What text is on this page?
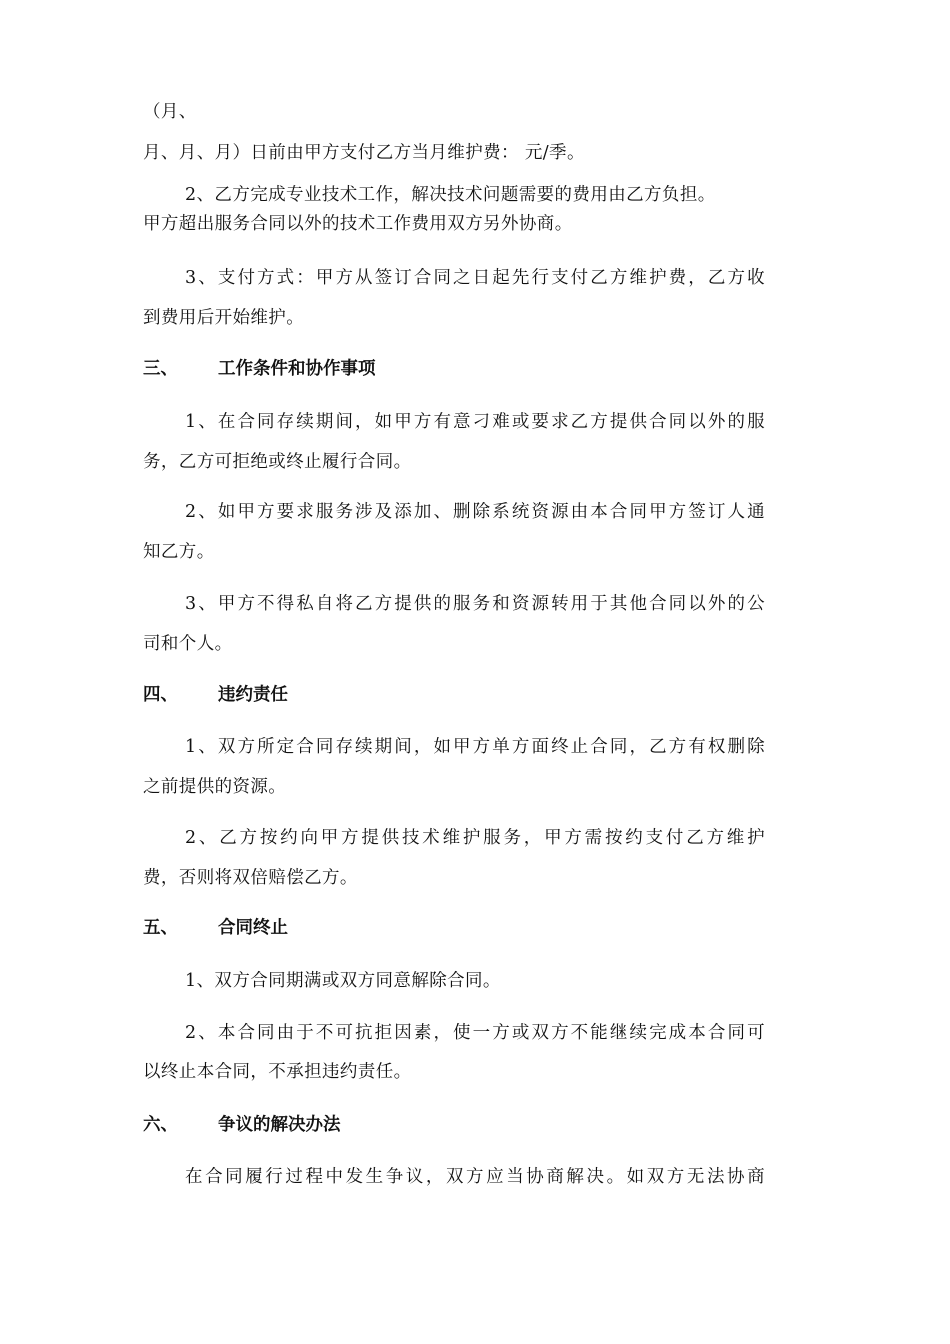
（月、
月、月、月）日前由甲方支付乙方当月维护费： 元/季。
2、乙方完成专业技术工作，解决技术问题需要的费用由乙方负担。
甲方超出服务合同以外的技术工作费用双方另外协商。
3、支付方式：甲方从签订合同之日起先行支付乙方维护费，乙方收
到费用后开始维护。
三、 工作条件和协作事项
1、在合同存续期间，如甲方有意刁难或要求乙方提供合同以外的服
务，乙方可拒绝或终止履行合同。
2、如甲方要求服务涉及添加、删除系统资源由本合同甲方签订人通
知乙方。
3、甲方不得私自将乙方提供的服务和资源转用于其他合同以外的公
司和个人。
四、 违约责任
1、双方所定合同存续期间，如甲方单方面终止合同，乙方有权删除
之前提供的资源。
2、乙方按约向甲方提供技术维护服务，甲方需按约支付乙方维护
费，否则将双倍赔偿乙方。
五、 合同终止
1、双方合同期满或双方同意解除合同。
2、本合同由于不可抗拒因素，使一方或双方不能继续完成本合同可
以终止本合同，不承担违约责任。
六、 争议的解决办法
在合同履行过程中发生争议，双方应当协商解决。如双方无法协商
